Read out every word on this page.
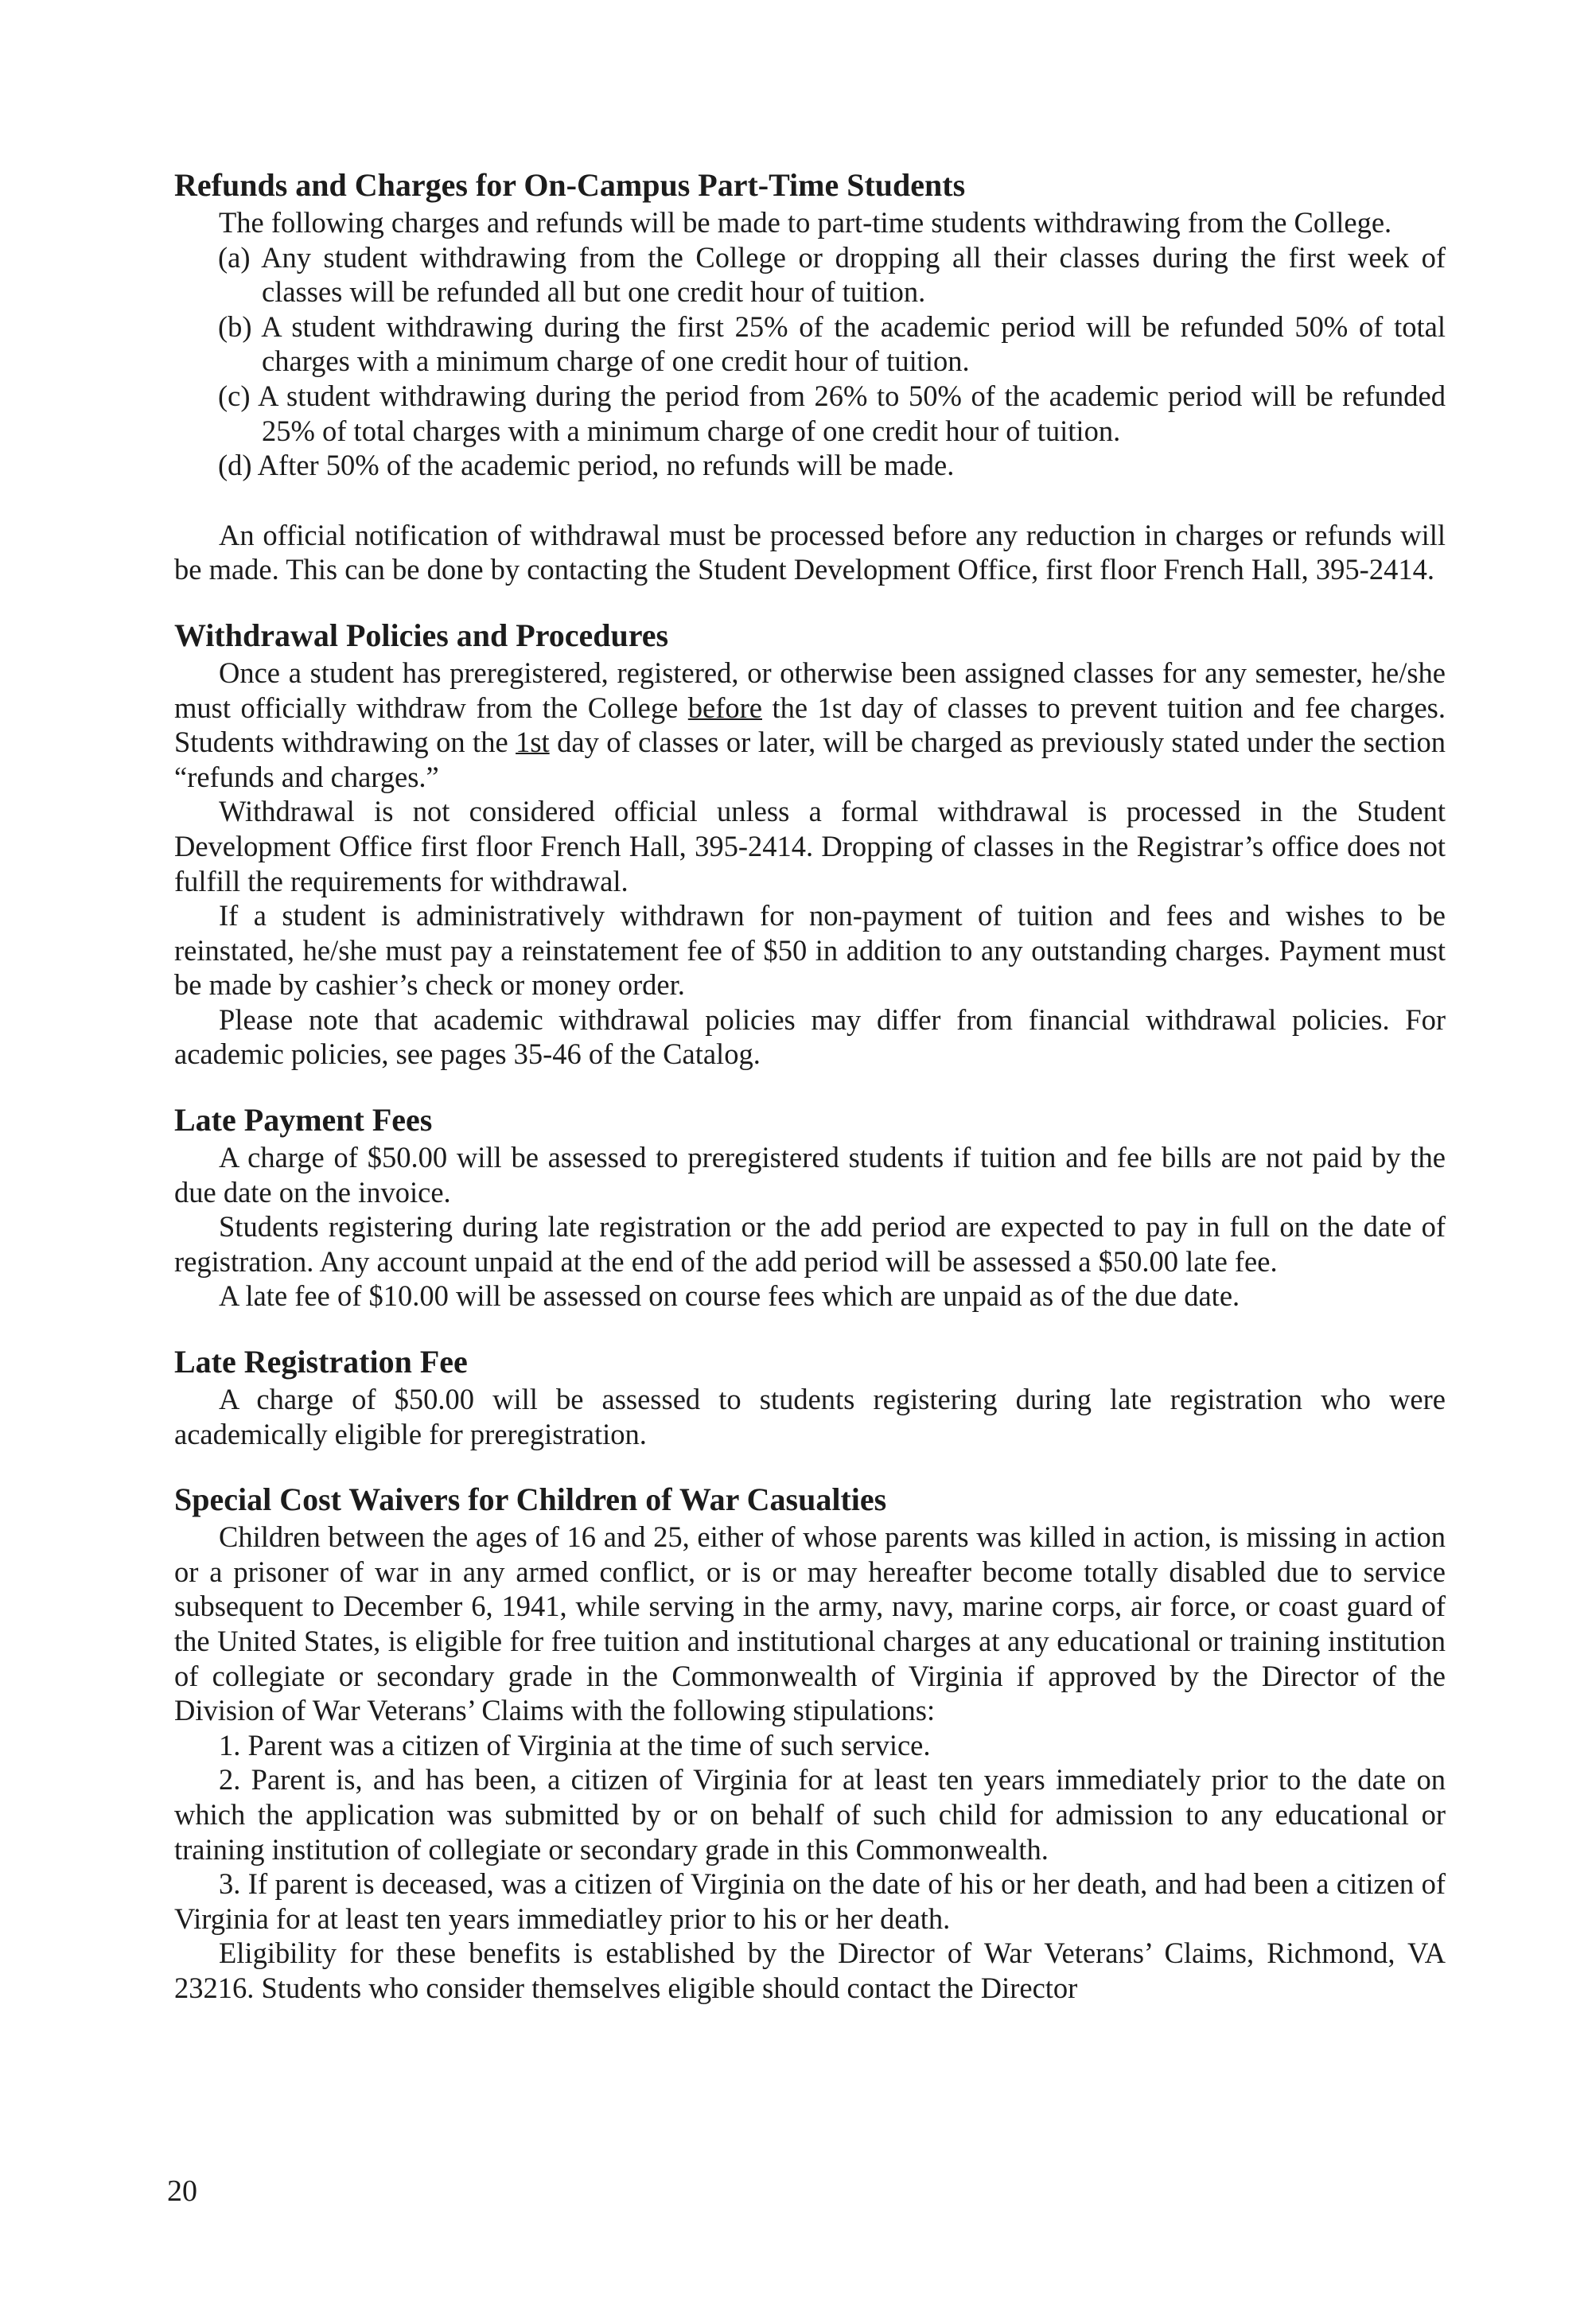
Refunds and Charges for On-Campus Part-Time Students

The following charges and refunds will be made to part-time students withdrawing from the College.

(a) Any student withdrawing from the College or dropping all their classes during the first week of classes will be refunded all but one credit hour of tuition.

(b) A student withdrawing during the first 25% of the academic period will be refunded 50% of total charges with a minimum charge of one credit hour of tuition.

(c) A student withdrawing during the period from 26% to 50% of the academic period will be refunded 25% of total charges with a minimum charge of one credit hour of tuition.

(d) After 50% of the academic period, no refunds will be made.

An official notification of withdrawal must be processed before any reduction in charges or refunds will be made. This can be done by contacting the Student Development Office, first floor French Hall, 395-2414.

Withdrawal Policies and Procedures

Once a student has preregistered, registered, or otherwise been assigned classes for any semester, he/she must officially withdraw from the College before the 1st day of classes to prevent tuition and fee charges. Students withdrawing on the 1st day of classes or later, will be charged as previously stated under the section “refunds and charges.”

Withdrawal is not considered official unless a formal withdrawal is processed in the Student Development Office first floor French Hall, 395-2414. Dropping of classes in the Registrar’s office does not fulfill the requirements for withdrawal.

If a student is administratively withdrawn for non-payment of tuition and fees and wishes to be reinstated, he/she must pay a reinstatement fee of $50 in addition to any outstanding charges. Payment must be made by cashier’s check or money order.

Please note that academic withdrawal policies may differ from financial withdrawal policies. For academic policies, see pages 35-46 of the Catalog.

Late Payment Fees

A charge of $50.00 will be assessed to preregistered students if tuition and fee bills are not paid by the due date on the invoice.

Students registering during late registration or the add period are expected to pay in full on the date of registration. Any account unpaid at the end of the add period will be assessed a $50.00 late fee.

A late fee of $10.00 will be assessed on course fees which are unpaid as of the due date.

Late Registration Fee

A charge of $50.00 will be assessed to students registering during late registration who were academically eligible for preregistration.

Special Cost Waivers for Children of War Casualties

Children between the ages of 16 and 25, either of whose parents was killed in action, is missing in action or a prisoner of war in any armed conflict, or is or may hereafter become totally disabled due to service subsequent to December 6, 1941, while serving in the army, navy, marine corps, air force, or coast guard of the United States, is eligible for free tuition and institutional charges at any educational or training institution of collegiate or secondary grade in the Commonwealth of Virginia if approved by the Director of the Division of War Veterans’ Claims with the following stipulations:

1. Parent was a citizen of Virginia at the time of such service.

2. Parent is, and has been, a citizen of Virginia for at least ten years immediately prior to the date on which the application was submitted by or on behalf of such child for admission to any educational or training institution of collegiate or secondary grade in this Commonwealth.

3. If parent is deceased, was a citizen of Virginia on the date of his or her death, and had been a citizen of Virginia for at least ten years immediatley prior to his or her death.

Eligibility for these benefits is established by the Director of War Veterans’ Claims, Richmond, VA 23216. Students who consider themselves eligible should contact the Director

20
